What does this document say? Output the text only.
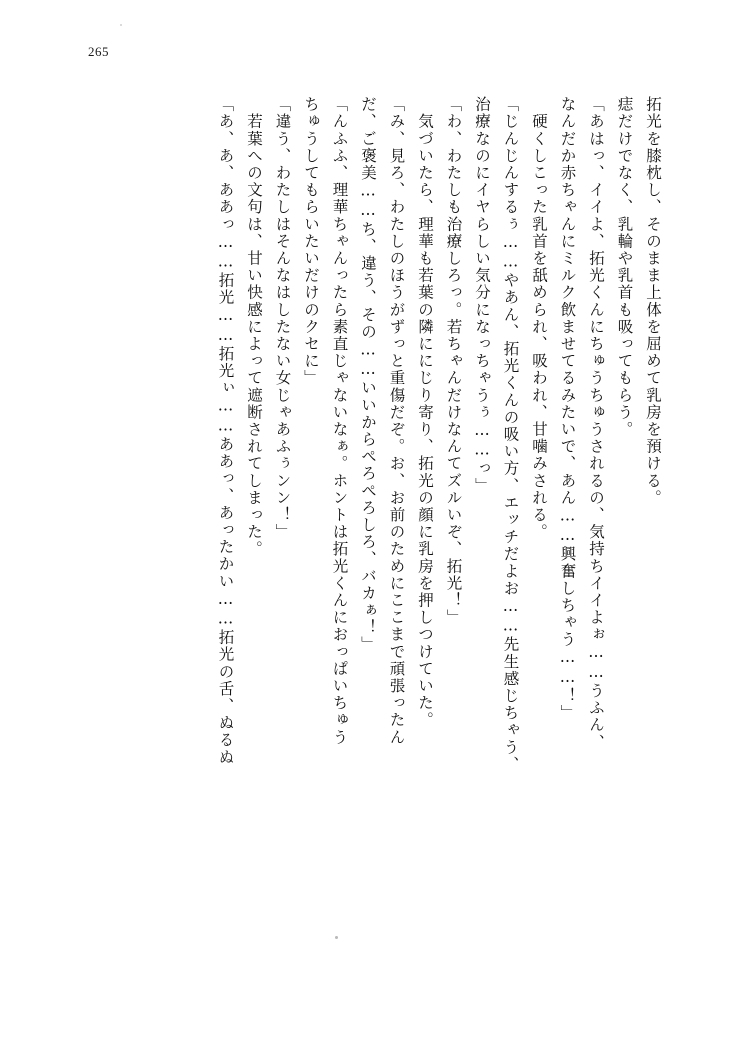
265
拓光を膝枕し、そのまま上体を屈めて乳房を預ける。
痣だけでなく、乳輪や乳首も吸ってもらう。
「あはっ、イイよ、拓光くんにちゅうちゅうされるの、気持ちイイよぉ……うふん、
なんだか赤ちゃんにミルク飲ませてるみたいで、あん……興奮しちゃう……！」
　硬くしこった乳首を舐められ、吸われ、甘噛みされる。
「じんじんするぅ……やあん、拓光くんの吸い方、エッチだよお……先生感じちゃう、
治療なのにイヤらしい気分になっちゃうぅ……っ」
「わ、わたしも治療しろっ。若ちゃんだけなんてズルいぞ、拓光！」
　気づいたら、理華も若葉の隣ににじり寄り、拓光の顔に乳房を押しつけていた。
「み、見ろ、わたしのほうがずっと重傷だぞ。お、お前のためにここまで頑張ったん
だ、ご褒美……ち、違う、その……いいからぺろぺろしろ、バカぁ！」
「んふふ、理華ちゃんったら素直じゃないなぁ。ホントは拓光くんにおっぱいちゅう
ちゅうしてもらいたいだけのクセに」
「違う、わたしはそんなはしたない女じゃあふぅンン！」
　若葉への文句は、甘い快感によって遮断されてしまった。
「あ、あ、ああっ……拓光……拓光ぃ……ああっ、あったかい……拓光の舌、ぬるぬ
